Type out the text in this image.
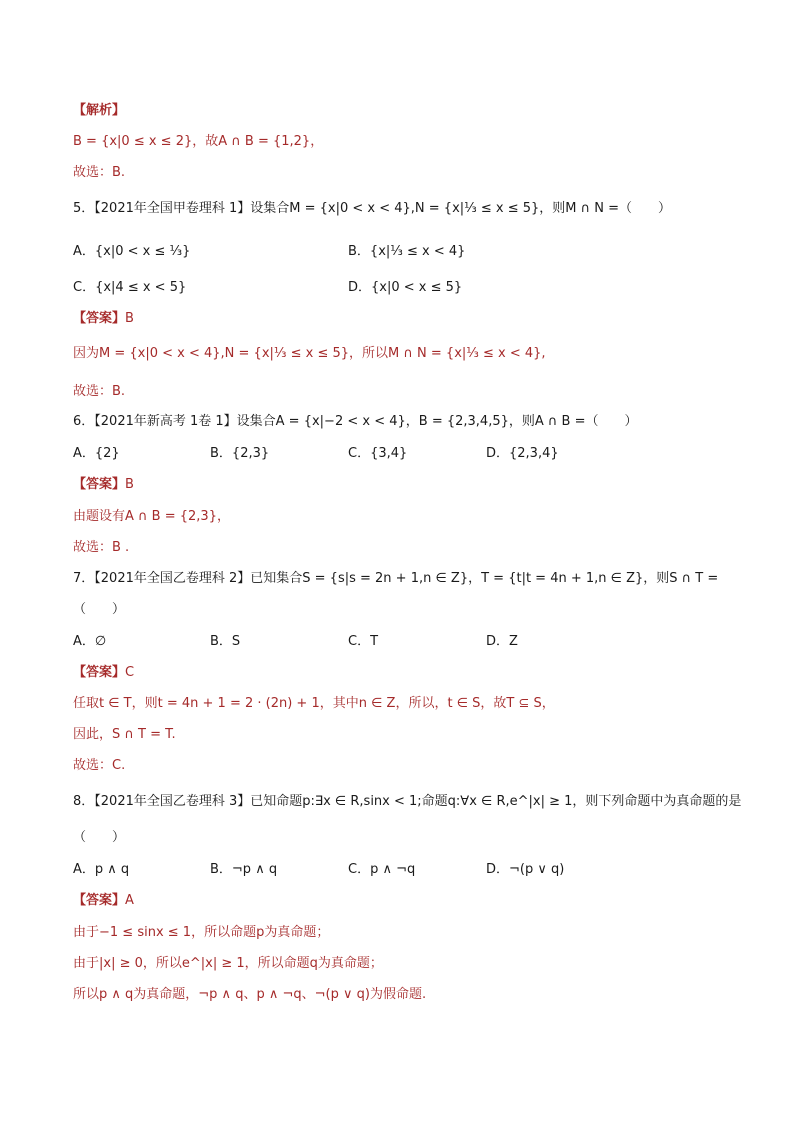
【解析】
B = {x|0 ≤ x ≤ 2}，故A ∩ B = {1,2}，
故选：B.
5．【2021年全国甲卷理科 1】设集合M = {x|0 < x < 4},N = {x|⅓ ≤ x ≤ 5}，则M ∩ N =（　　）
A．{x|0 < x ≤ ⅓}	B．{x|⅓ ≤ x < 4}
C．{x|4 ≤ x < 5}	D．{x|0 < x ≤ 5}
【答案】B
因为M = {x|0 < x < 4},N = {x|⅓ ≤ x ≤ 5}，所以M ∩ N = {x|⅓ ≤ x < 4},
故选：B.
6．【2021年新高考 1卷 1】设集合A = {x|−2 < x < 4}，B = {2,3,4,5}，则A ∩ B =（　　）
A．{2}	B．{2,3}	C．{3,4}	D．{2,3,4}
【答案】B
由题设有A ∩ B = {2,3}，
故选：B .
7．【2021年全国乙卷理科 2】已知集合S = {s|s = 2n + 1,n ∈ Z}，T = {t|t = 4n + 1,n ∈ Z}，则S ∩ T =
（　　）
A．∅	B．S	C．T	D．Z
【答案】C
任取t ∈ T，则t = 4n + 1 = 2 · (2n) + 1，其中n ∈ Z，所以，t ∈ S，故T ⊆ S，
因此，S ∩ T = T.
故选：C.
8．【2021年全国乙卷理科 3】已知命题p:∃x ∈ R,sinx < 1;命题q:∀x ∈ R,e^|x| ≥ 1，则下列命题中为真命题的是
（　　）
A．p ∧ q	B．¬p ∧ q	C．p ∧ ¬q	D．¬(p ∨ q)
【答案】A
由于−1 ≤ sinx ≤ 1，所以命题p为真命题；
由于|x| ≥ 0，所以e^|x| ≥ 1，所以命题q为真命题；
所以p ∧ q为真命题，¬p ∧ q、p ∧ ¬q、¬(p ∨ q)为假命题.
